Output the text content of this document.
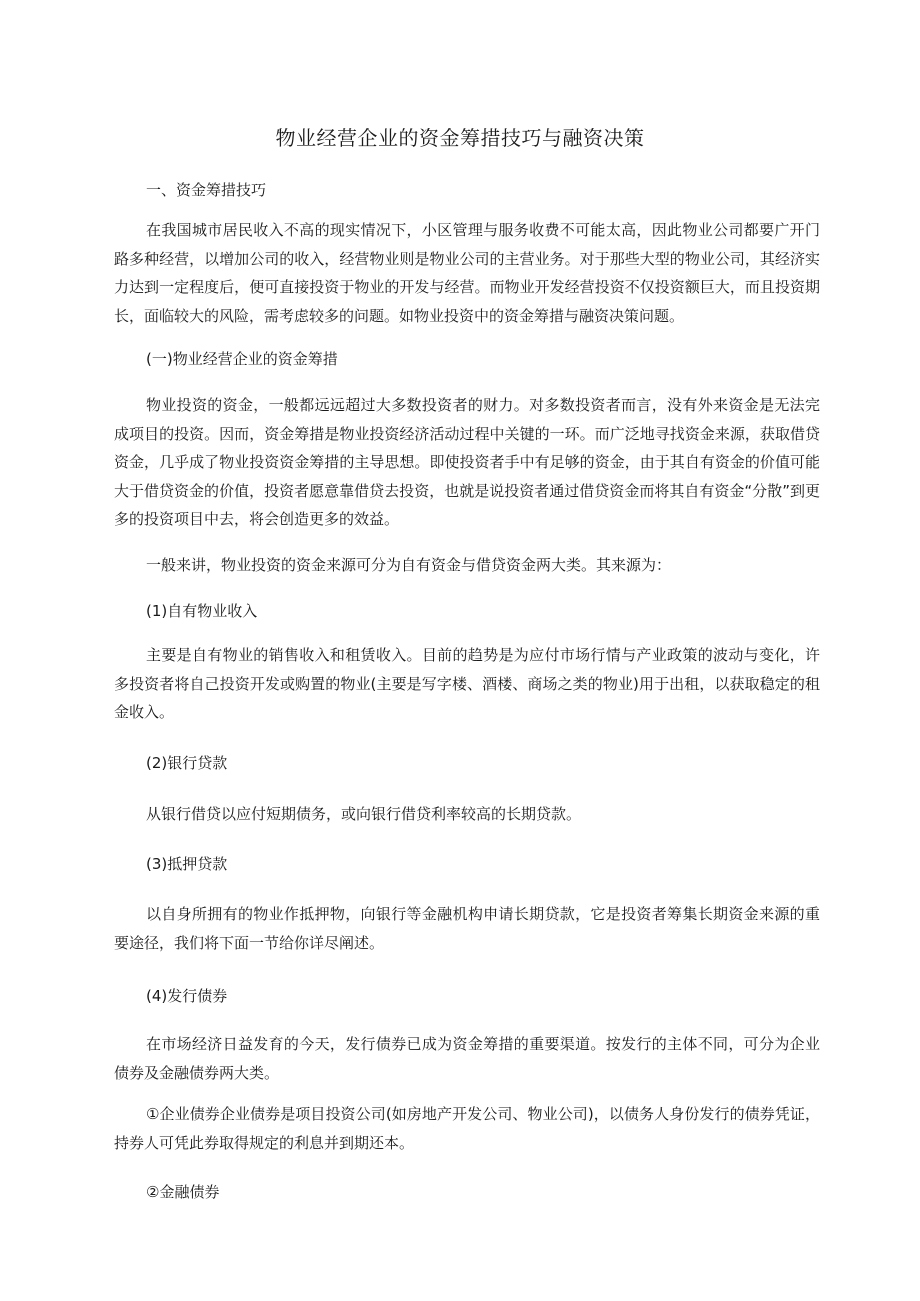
物业经营企业的资金筹措技巧与融资决策

一、资金筹措技巧

在我国城市居民收入不高的现实情况下，小区管理与服务收费不可能太高，因此物业公司都要广开门路多种经营，以增加公司的收入，经营物业则是物业公司的主营业务。对于那些大型的物业公司，其经济实力达到一定程度后，便可直接投资于物业的开发与经营。而物业开发经营投资不仅投资额巨大，而且投资期长，面临较大的风险，需考虑较多的问题。如物业投资中的资金筹措与融资决策问题。

(一)物业经营企业的资金筹措

物业投资的资金，一般都远远超过大多数投资者的财力。对多数投资者而言，没有外来资金是无法完成项目的投资。因而，资金筹措是物业投资经济活动过程中关键的一环。而广泛地寻找资金来源，获取借贷资金，几乎成了物业投资资金筹措的主导思想。即使投资者手中有足够的资金，由于其自有资金的价值可能大于借贷资金的价值，投资者愿意靠借贷去投资，也就是说投资者通过借贷资金而将其自有资金“分散”到更多的投资项目中去，将会创造更多的效益。

一般来讲，物业投资的资金来源可分为自有资金与借贷资金两大类。其来源为：

(1)自有物业收入

主要是自有物业的销售收入和租赁收入。目前的趋势是为应付市场行情与产业政策的波动与变化，许多投资者将自己投资开发或购置的物业(主要是写字楼、酒楼、商场之类的物业)用于出租，以获取稳定的租金收入。

(2)银行贷款

从银行借贷以应付短期债务，或向银行借贷利率较高的长期贷款。

(3)抵押贷款

以自身所拥有的物业作抵押物，向银行等金融机构申请长期贷款，它是投资者筹集长期资金来源的重要途径，我们将下面一节给你详尽阐述。

(4)发行债券

在市场经济日益发育的今天，发行债券已成为资金筹措的重要渠道。按发行的主体不同，可分为企业债券及金融债券两大类。

①企业债券企业债券是项目投资公司(如房地产开发公司、物业公司)，以债务人身份发行的债券凭证，持券人可凭此券取得规定的利息并到期还本。

②金融债券
